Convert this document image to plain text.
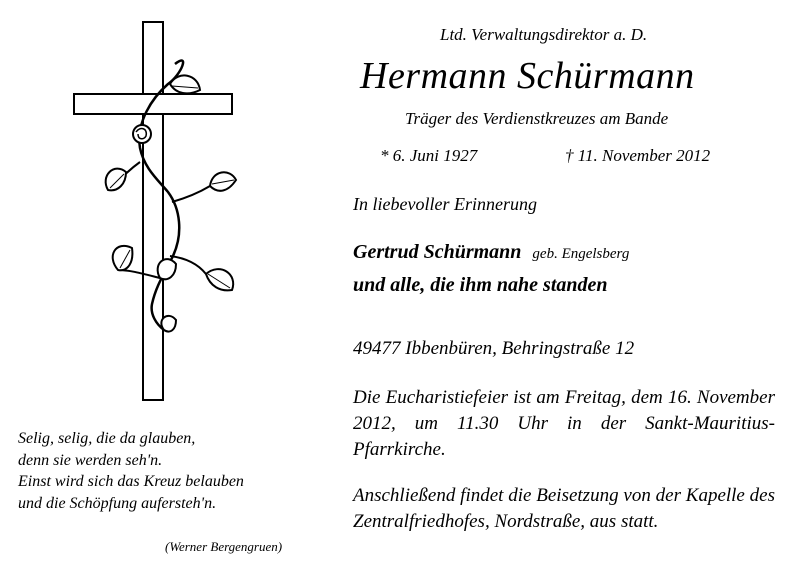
Selig, selig, die da glauben,
denn sie werden seh'n.
Einst wird sich das Kreuz belauben
und die Schöpfung aufersteh'n.
(Werner Bergengruen)
Ltd. Verwaltungsdirektor a. D.
Hermann Schürmann
Träger des Verdienstkreuzes am Bande
* 6. Juni 1927	† 11. November 2012
In liebevoller Erinnerung
Gertrud Schürmann geb. Engelsberg
und alle, die ihm nahe standen
49477 Ibbenbüren, Behringstraße 12
Die Eucharistiefeier ist am Freitag, dem 16. November 2012, um 11.30 Uhr in der Sankt-Mauritius-Pfarrkirche.
Anschließend findet die Beisetzung von der Kapelle des Zentralfriedhofes, Nordstraße, aus statt.
